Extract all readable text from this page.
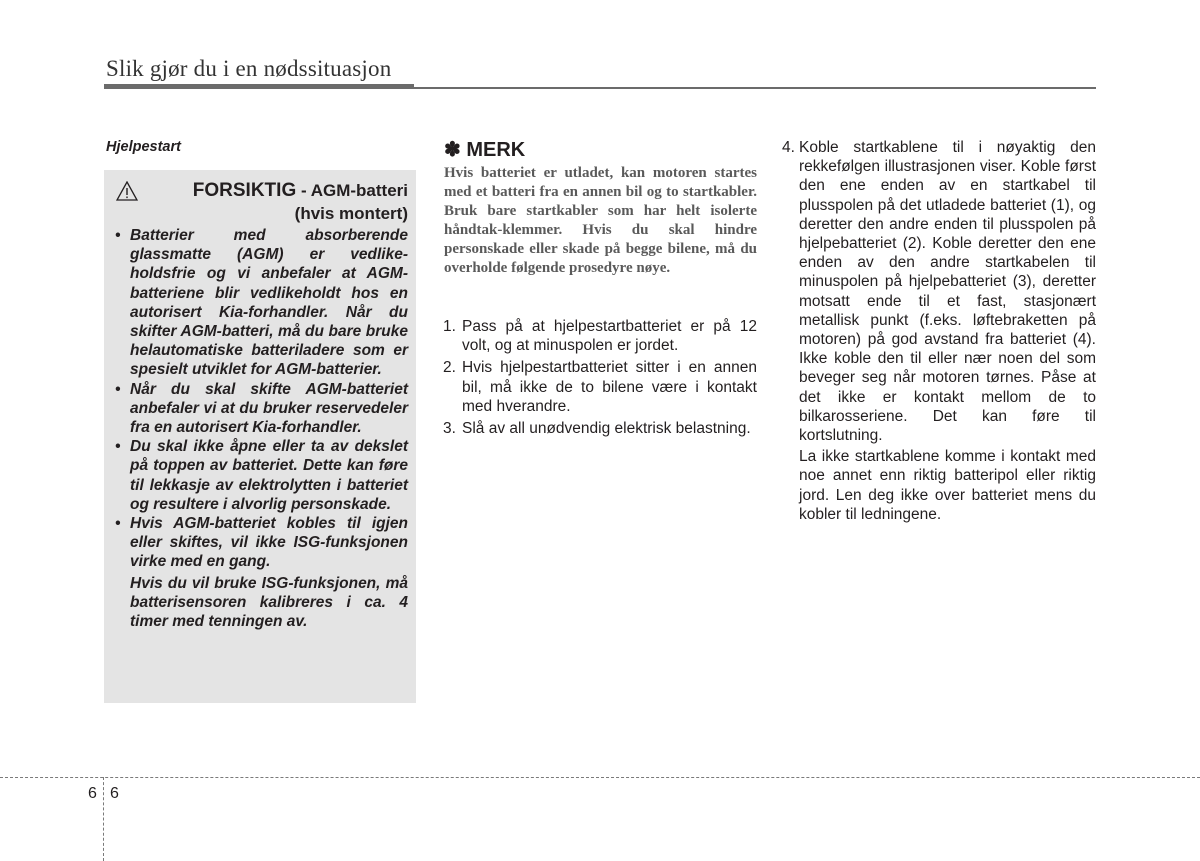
Slik gjør du i en nødssituasjon
Hjelpestart
FORSIKTIG - AGM-batteri
(hvis montert)
• Batterier med absorberende glassmatte (AGM) er vedlike-holdsfrie og vi anbefaler at AGM-batteriene blir vedlikeholdt hos en autorisert Kia-forhandler. Når du skifter AGM-batteri, må du bare bruke helautomatiske batteriladere som er spesielt utviklet for AGM-batterier.
• Når du skal skifte AGM-batteriet anbefaler vi at du bruker reservedeler fra en autorisert Kia-forhandler.
• Du skal ikke åpne eller ta av dekslet på toppen av batteriet. Dette kan føre til lekkasje av elektrolytten i batteriet og resultere i alvorlig personskade.
• Hvis AGM-batteriet kobles til igjen eller skiftes, vil ikke ISG-funksjonen virke med en gang.
Hvis du vil bruke ISG-funksjonen, må batterisensoren kalibreres i ca. 4 timer med tenningen av.
✽ MERK

Hvis batteriet er utladet, kan motoren startes med et batteri fra en annen bil og to startkabler. Bruk bare startkabler som har helt isolerte håndtak-klemmer. Hvis du skal hindre personskade eller skade på begge bilene, må du overholde følgende prosedyre nøye.

1. Pass på at hjelpestartbatteriet er på 12 volt, og at minuspolen er jordet.
2. Hvis hjelpestartbatteriet sitter i en annen bil, må ikke de to bilene være i kontakt med hverandre.
3. Slå av all unødvendig elektrisk belastning.
4. Koble startkablene til i nøyaktig den rekkefølgen illustrasjonen viser. Koble først den ene enden av en startkabel til plusspolen på det utladede batteriet (1), og deretter den andre enden til plusspolen på hjelpebatteriet (2). Koble deretter den ene enden av den andre startkabelen til minuspolen på hjelpebatteriet (3), deretter motsatt ende til et fast, stasjonært metallisk punkt (f.eks. løftebraketten på motoren) på god avstand fra batteriet (4). Ikke koble den til eller nær noen del som beveger seg når motoren tørnes. Påse at det ikke er kontakt mellom de to bilkarosseriene. Det kan føre til kortslutning.
La ikke startkablene komme i kontakt med noe annet enn riktig batteripol eller riktig jord. Len deg ikke over batteriet mens du kobler til ledningene.
6 6
